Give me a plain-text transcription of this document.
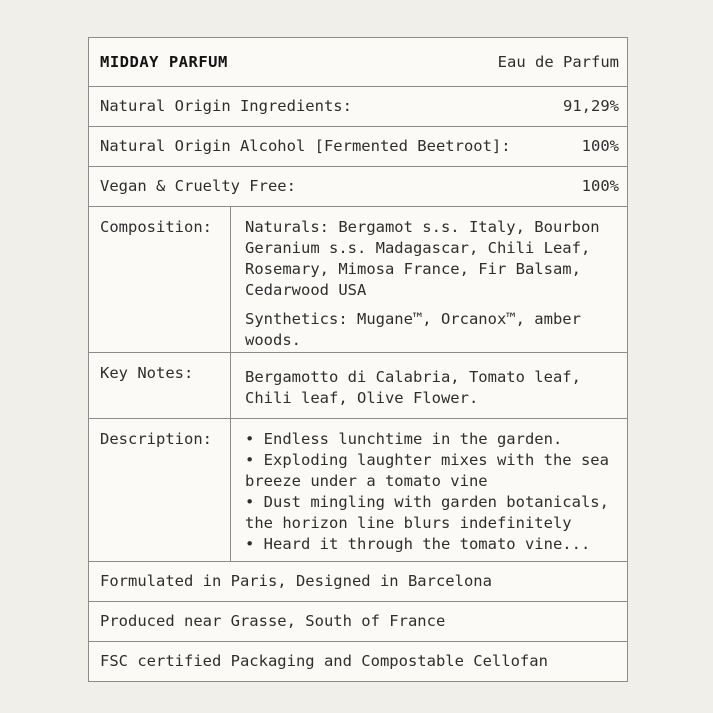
MIDDAY PARFUM	Eau de Parfum
Natural Origin Ingredients:	91,29%
Natural Origin Alcohol [Fermented Beetroot]:	100%
Vegan & Cruelty Free:	100%
Composition:	Naturals: Bergamot s.s. Italy, Bourbon Geranium s.s. Madagascar, Chili Leaf, Rosemary, Mimosa France, Fir Balsam, Cedarwood USA

Synthetics: Mugane™, Orcanox™, amber woods.

Key Notes:	Bergamotto di Calabria, Tomato leaf, Chili leaf, Olive Flower.

Description:	• Endless lunchtime in the garden.

• Exploding laughter mixes with the sea breeze under a tomato vine

• Dust mingling with garden botanicals, the horizon line blurs indefinitely

• Heard it through the tomato vine...

Formulated in Paris, Designed in Barcelona
Produced near Grasse, South of France
FSC certified Packaging and Compostable Cellofan
